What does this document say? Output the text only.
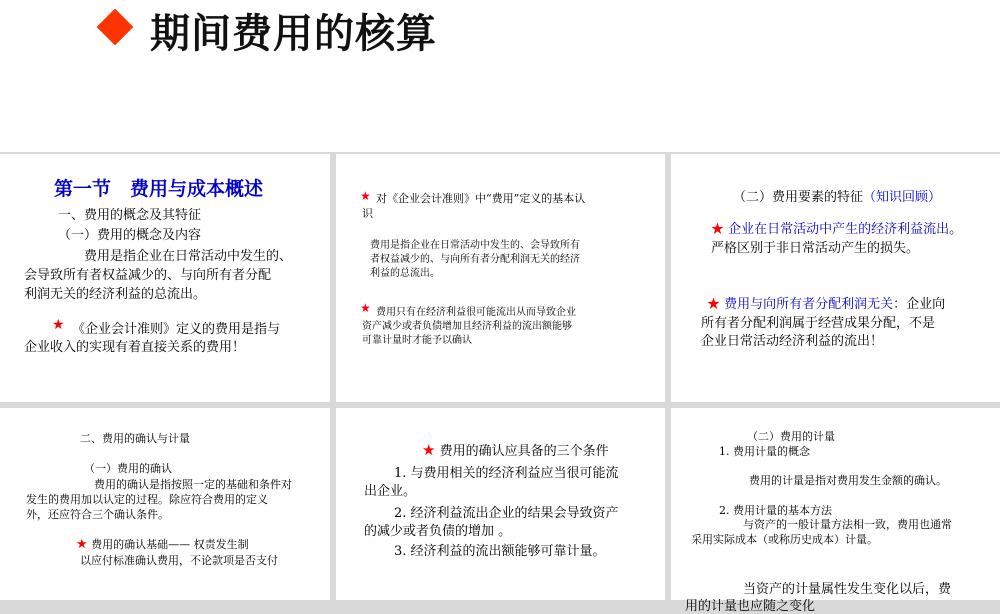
期间费用的核算
第一节　费用与成本概述
一、费用的概念及其特征
（一）费用的概念及内容
费用是指企业在日常活动中发生的、
会导致所有者权益减少的、与向所有者分配
利润无关的经济利益的总流出。
★ 《企业会计准则》定义的费用是指与
企业收入的实现有着直接关系的费用！
★ 对《企业会计准则》中“费用”定义的基本认
识
费用是指企业在日常活动中发生的、会导致所有
者权益减少的、与向所有者分配利润无关的经济
利益的总流出。
★ 费用只有在经济利益很可能流出从而导致企业
资产减少或者负债增加且经济利益的流出额能够
可靠计量时才能予以确认
（二）费用要素的特征（知识回顾）
★ 企业在日常活动中产生的经济利益流出。
严格区别于非日常活动产生的损失。
★ 费用与向所有者分配利润无关：企业向
所有者分配利润属于经营成果分配，不是
企业日常活动经济利益的流出！
二、费用的确认与计量
（一）费用的确认
费用的确认是指按照一定的基础和条件对
发生的费用加以认定的过程。除应符合费用的定义
外，还应符合三个确认条件。
★ 费用的确认基础—— 权责发生制
以应付标准确认费用，不论款项是否支付
★ 费用的确认应具备的三个条件
1. 与费用相关的经济利益应当很可能流
出企业。
2. 经济利益流出企业的结果会导致资产
的减少或者负债的增加 。
3. 经济利益的流出额能够可靠计量。
（二）费用的计量
1. 费用计量的概念
费用的计量是指对费用发生金额的确认。
2. 费用计量的基本方法
与资产的一般计量方法相一致，费用也通常
采用实际成本（或称历史成本）计量。
当资产的计量属性发生变化以后，费
用的计量也应随之变化
